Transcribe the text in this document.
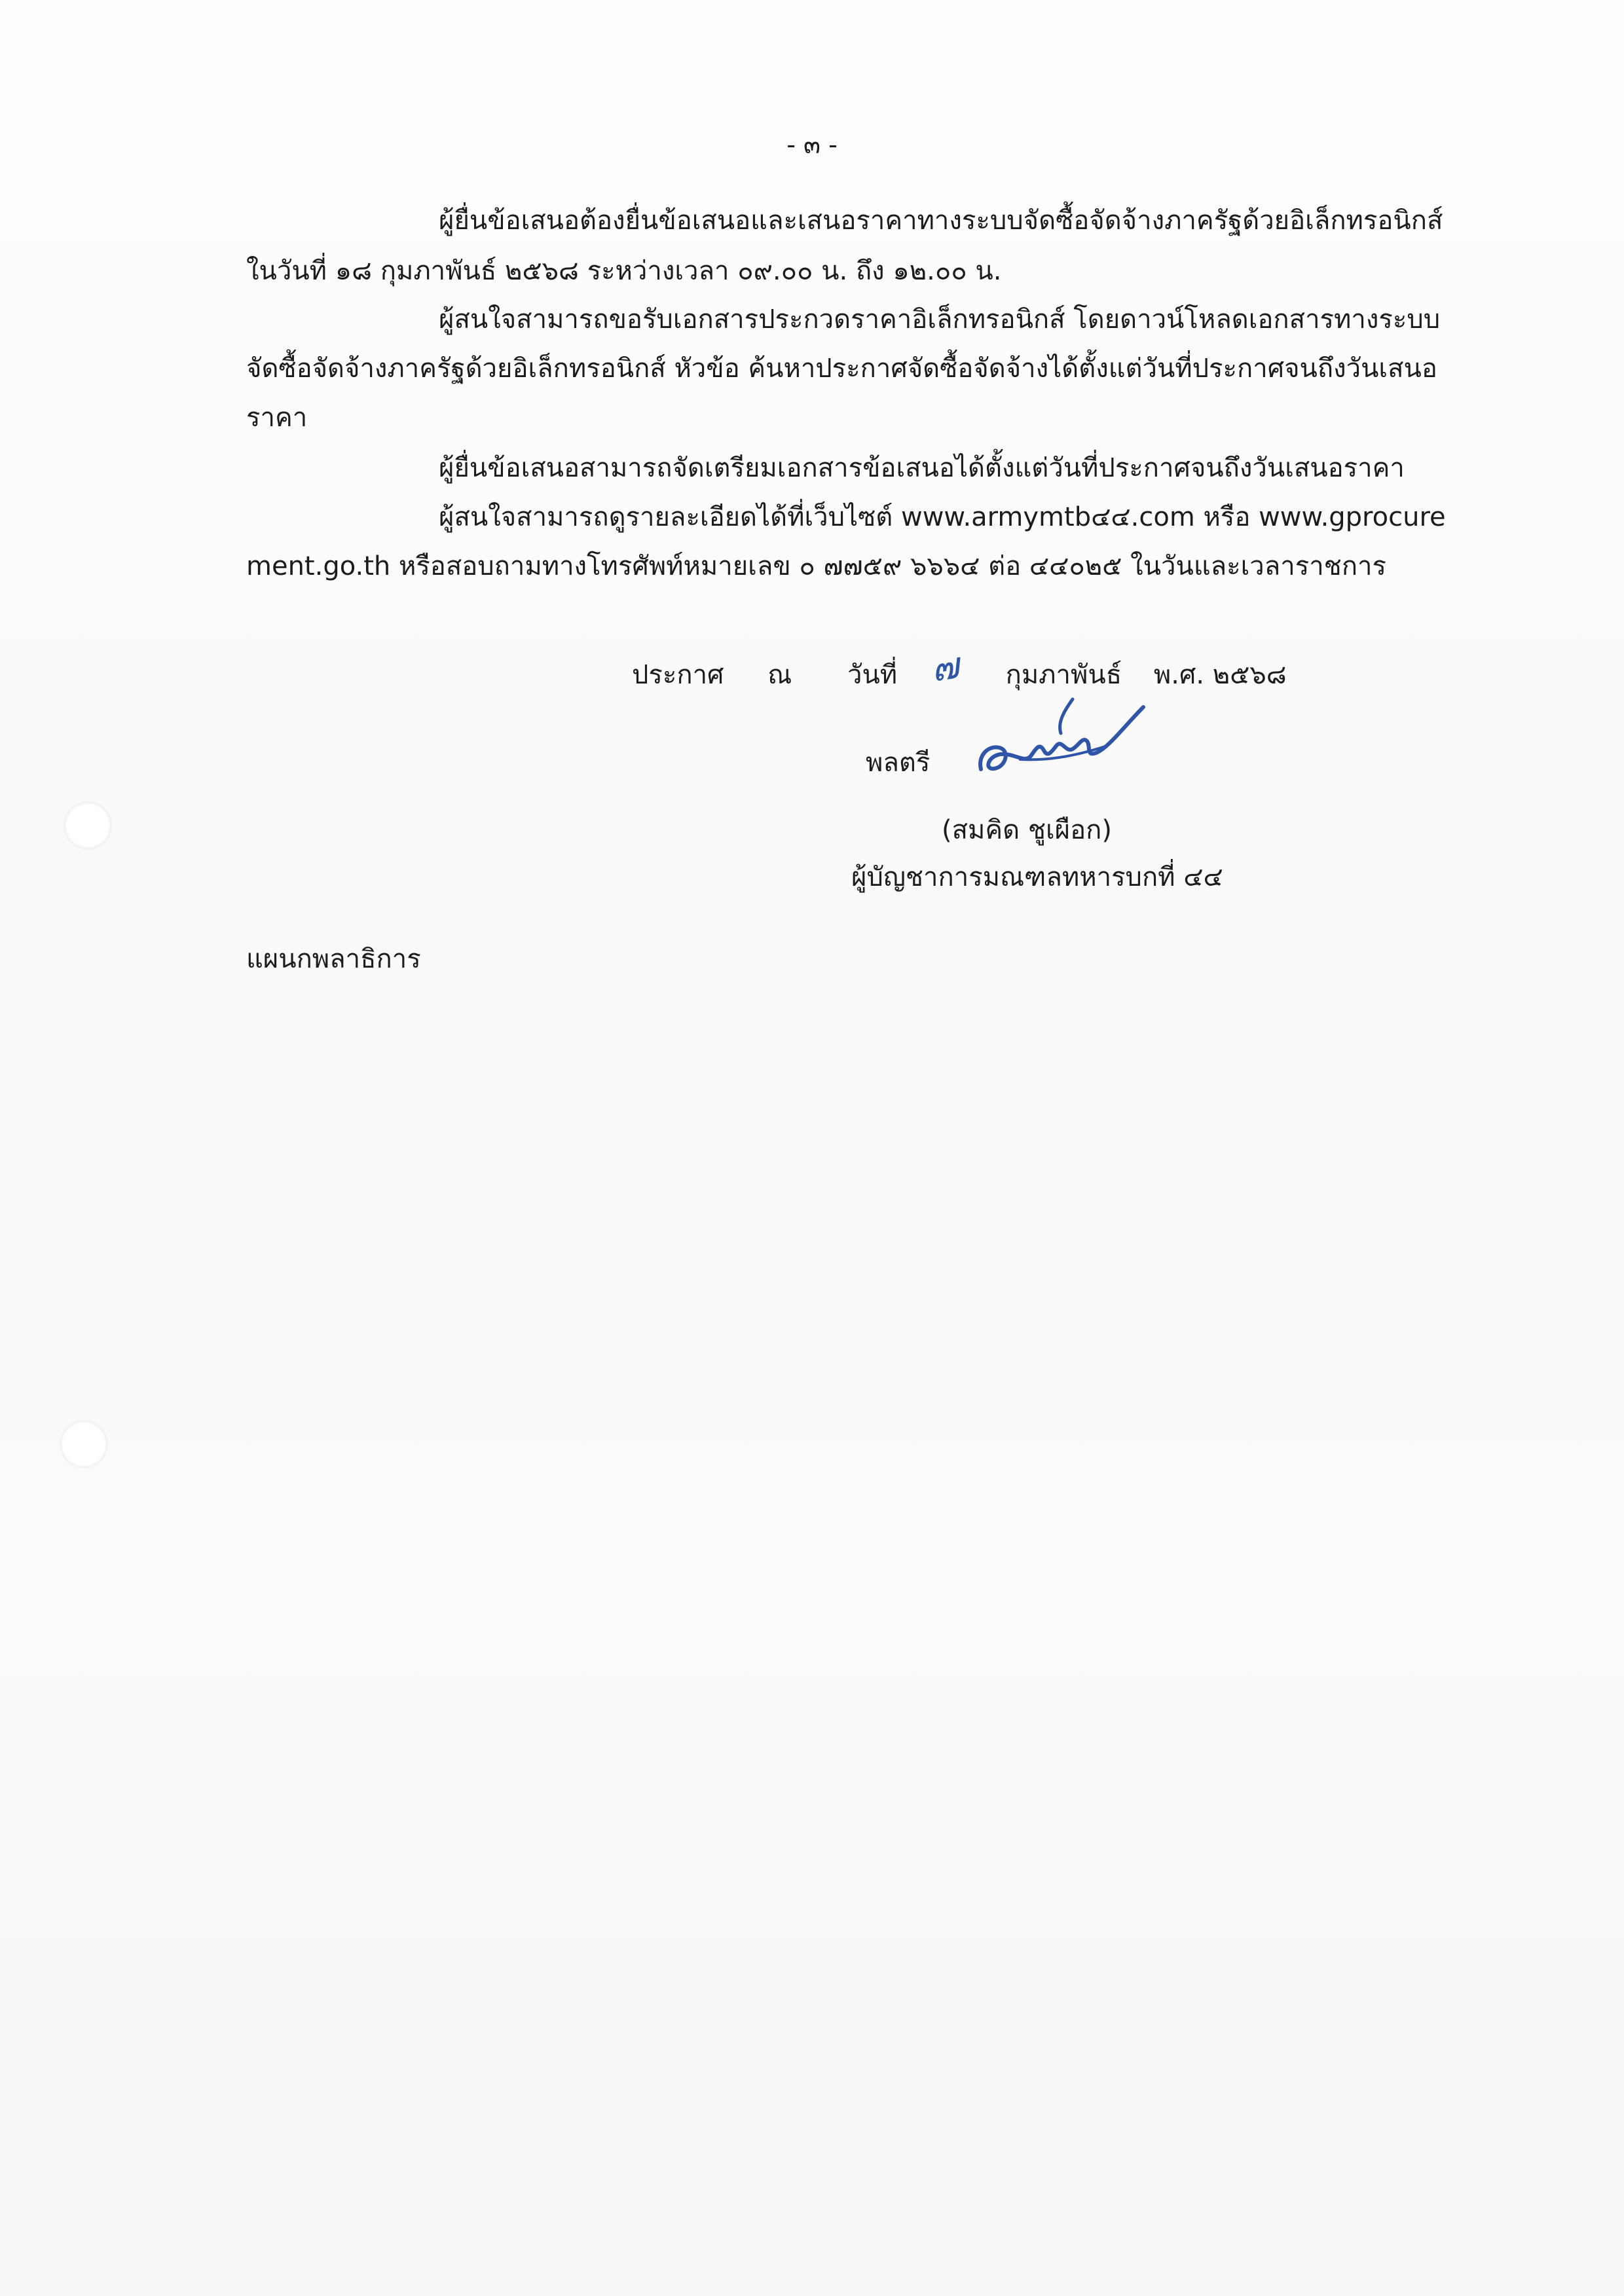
- ๓ -
ผู้ยื่นข้อเสนอต้องยื่นข้อเสนอและเสนอราคาทางระบบจัดซื้อจัดจ้างภาครัฐด้วยอิเล็กทรอนิกส์
ในวันที่ ๑๘ กุมภาพันธ์ ๒๕๖๘ ระหว่างเวลา ๐๙.๐๐ น. ถึง ๑๒.๐๐ น.
ผู้สนใจสามารถขอรับเอกสารประกวดราคาอิเล็กทรอนิกส์ โดยดาวน์โหลดเอกสารทางระบบ
จัดซื้อจัดจ้างภาครัฐด้วยอิเล็กทรอนิกส์ หัวข้อ ค้นหาประกาศจัดซื้อจัดจ้างได้ตั้งแต่วันที่ประกาศจนถึงวันเสนอ
ราคา
ผู้ยื่นข้อเสนอสามารถจัดเตรียมเอกสารข้อเสนอได้ตั้งแต่วันที่ประกาศจนถึงวันเสนอราคา
ผู้สนใจสามารถดูรายละเอียดได้ที่เว็บไซต์ www.armymtb๔๔.com หรือ www.gprocure
ment.go.th หรือสอบถามทางโทรศัพท์หมายเลข ๐ ๗๗๕๙ ๖๖๖๔ ต่อ ๔๔๐๒๕ ในวันและเวลาราชการ
ประกาศ ณ วันที่ ๗ กุมภาพันธ์ พ.ศ. ๒๕๖๘
พลตรี
(สมคิด ชูเผือก)
ผู้บัญชาการมณฑลทหารบกที่ ๔๔
แผนกพลาธิการ
